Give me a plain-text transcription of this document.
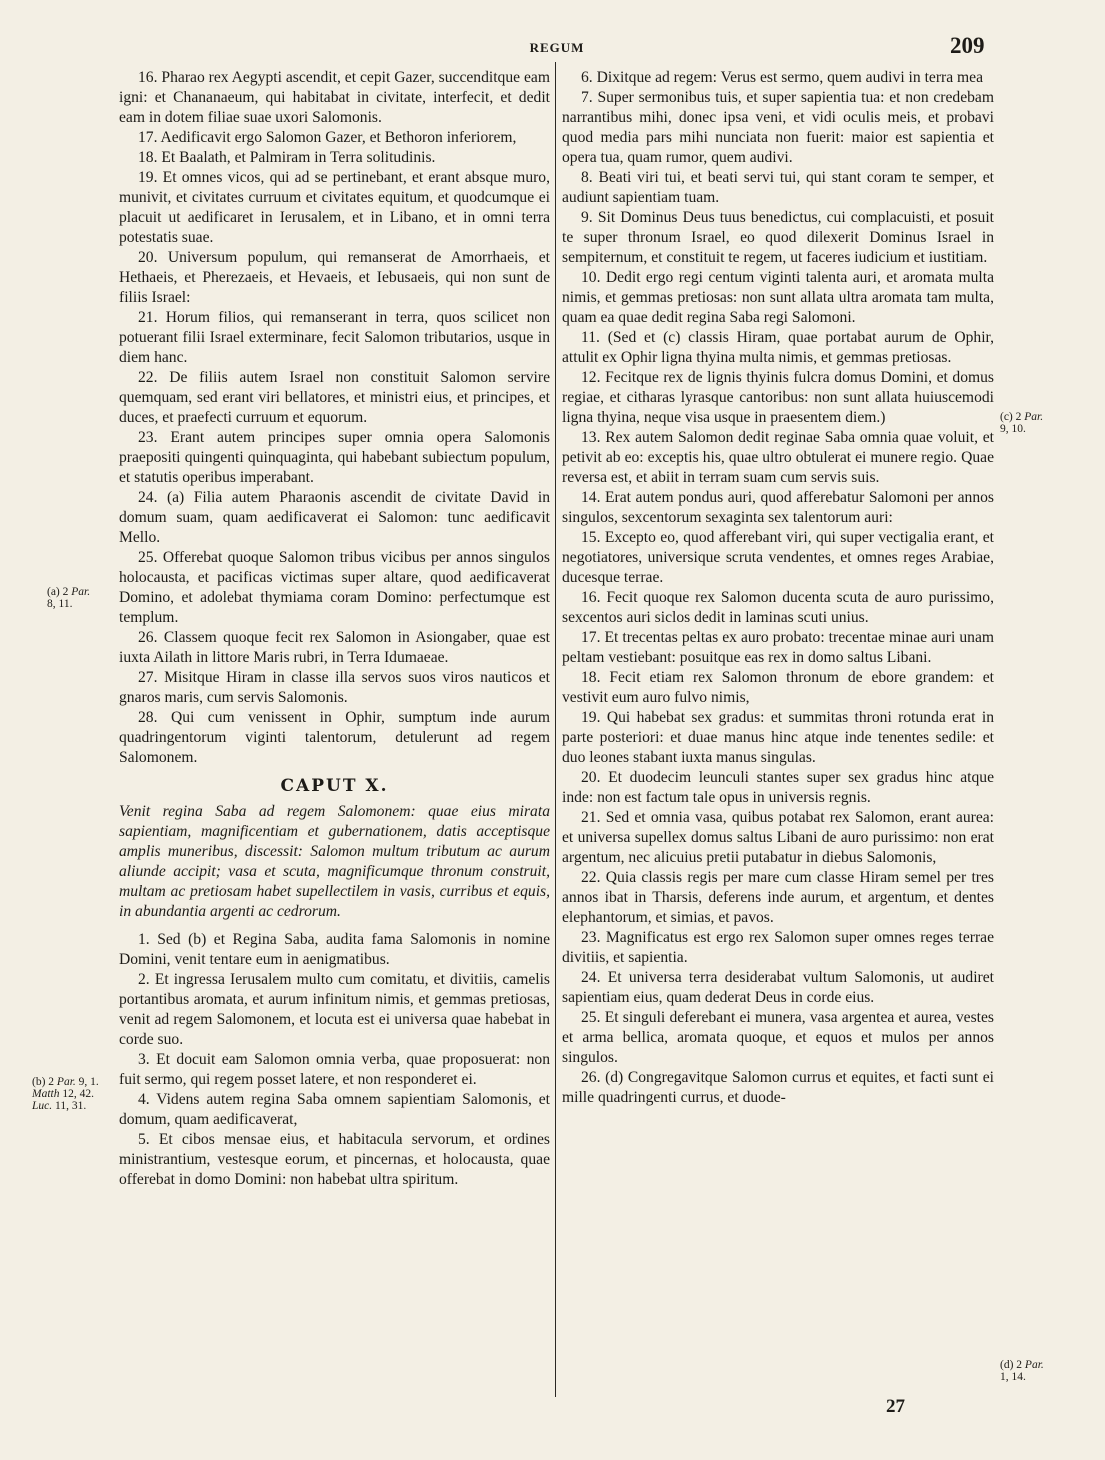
REGUM	209

16. Pharao rex Aegypti ascendit, et cepit Gazer, succenditque eam igni: et Chananaeum, qui habitabat in civitate, interfecit, et dedit eam in dotem filiae suae uxori Salomonis.

17. Aedificavit ergo Salomon Gazer, et Bethoron inferiorem,

18. Et Baalath, et Palmiram in Terra solitudinis.

19. Et omnes vicos, qui ad se pertinebant, et erant absque muro, munivit, et civitates curruum et civitates equitum, et quodcumque ei placuit ut aedificaret in Ierusalem, et in Libano, et in omni terra potestatis suae.

20. Universum populum, qui remanserat de Amorrhaeis, et Hethaeis, et Pherezaeis, et Hevaeis, et Iebusaeis, qui non sunt de filiis Israel:

21. Horum filios, qui remanserant in terra, quos scilicet non potuerant filii Israel exterminare, fecit Salomon tributarios, usque in diem hanc.

22. De filiis autem Israel non constituit Salomon servire quemquam, sed erant viri bellatores, et ministri eius, et principes, et duces, et praefecti curruum et equorum.

23. Erant autem principes super omnia opera Salomonis praepositi quingenti quinquaginta, qui habebant subiectum populum, et statutis operibus imperabant.

24. (a) Filia autem Pharaonis ascendit de civitate David in domum suam, quam aedificaverat ei Salomon: tunc aedificavit Mello.

25. Offerebat quoque Salomon tribus vicibus per annos singulos holocausta, et pacificas victimas super altare, quod aedificaverat Domino, et adolebat thymiama coram Domino: perfectumque est templum.

26. Classem quoque fecit rex Salomon in Asiongaber, quae est iuxta Ailath in littore Maris rubri, in Terra Idumaeae.

27. Misitque Hiram in classe illa servos suos viros nauticos et gnaros maris, cum servis Salomonis.

28. Qui cum venissent in Ophir, sumptum inde aurum quadringentorum viginti talentorum, detulerunt ad regem Salomonem.

CAPUT X.

Venit regina Saba ad regem Salomonem: quae eius mirata sapientiam, magnificentiam et gubernationem, datis acceptisque amplis muneribus, discessit: Salomon multum tributum ac aurum aliunde accipit; vasa et scuta, magnificumque thronum construit, multam ac pretiosam habet supellectilem in vasis, curribus et equis, in abundantia argenti ac cedrorum.

1. Sed (b) et Regina Saba, audita fama Salomonis in nomine Domini, venit tentare eum in aenigmatibus.

2. Et ingressa Ierusalem multo cum comitatu, et divitiis, camelis portantibus aromata, et aurum infinitum nimis, et gemmas pretiosas, venit ad regem Salomonem, et locuta est ei universa quae habebat in corde suo.

3. Et docuit eam Salomon omnia verba, quae proposuerat: non fuit sermo, qui regem posset latere, et non responderet ei.

4. Videns autem regina Saba omnem sapientiam Salomonis, et domum, quam aedificaverat,

5. Et cibos mensae eius, et habitacula servorum, et ordines ministrantium, vestesque eorum, et pincernas, et holocausta, quae offerebat in domo Domini: non habebat ultra spiritum.

6. Dixitque ad regem: Verus est sermo, quem audivi in terra mea

7. Super sermonibus tuis, et super sapientia tua: et non credebam narrantibus mihi, donec ipsa veni, et vidi oculis meis, et probavi quod media pars mihi nunciata non fuerit: maior est sapientia et opera tua, quam rumor, quem audivi.

8. Beati viri tui, et beati servi tui, qui stant coram te semper, et audiunt sapientiam tuam.

9. Sit Dominus Deus tuus benedictus, cui complacuisti, et posuit te super thronum Israel, eo quod dilexerit Dominus Israel in sempiternum, et constituit te regem, ut faceres iudicium et iustitiam.

10. Dedit ergo regi centum viginti talenta auri, et aromata multa nimis, et gemmas pretiosas: non sunt allata ultra aromata tam multa, quam ea quae dedit regina Saba regi Salomoni.

11. (Sed et (c) classis Hiram, quae portabat aurum de Ophir, attulit ex Ophir ligna thyina multa nimis, et gemmas pretiosas.

12. Fecitque rex de lignis thyinis fulcra domus Domini, et domus regiae, et citharas lyrasque cantoribus: non sunt allata huiuscemodi ligna thyina, neque visa usque in praesentem diem.)

13. Rex autem Salomon dedit reginae Saba omnia quae voluit, et petivit ab eo: exceptis his, quae ultro obtulerat ei munere regio. Quae reversa est, et abiit in terram suam cum servis suis.

14. Erat autem pondus auri, quod afferebatur Salomoni per annos singulos, sexcentorum sexaginta sex talentorum auri:

15. Excepto eo, quod afferebant viri, qui super vectigalia erant, et negotiatores, universique scruta vendentes, et omnes reges Arabiae, ducesque terrae.

16. Fecit quoque rex Salomon ducenta scuta de auro purissimo, sexcentos auri siclos dedit in laminas scuti unius.

17. Et trecentas peltas ex auro probato: trecentae minae auri unam peltam vestiebant: posuitque eas rex in domo saltus Libani.

18. Fecit etiam rex Salomon thronum de ebore grandem: et vestivit eum auro fulvo nimis,

19. Qui habebat sex gradus: et summitas throni rotunda erat in parte posteriori: et duae manus hinc atque inde tenentes sedile: et duo leones stabant iuxta manus singulas.

20. Et duodecim leunculi stantes super sex gradus hinc atque inde: non est factum tale opus in universis regnis.

21. Sed et omnia vasa, quibus potabat rex Salomon, erant aurea: et universa supellex domus saltus Libani de auro purissimo: non erat argentum, nec alicuius pretii putabatur in diebus Salomonis,

22. Quia classis regis per mare cum classe Hiram semel per tres annos ibat in Tharsis, deferens inde aurum, et argentum, et dentes elephantorum, et simias, et pavos.

23. Magnificatus est ergo rex Salomon super omnes reges terrae divitiis, et sapientia.

24. Et universa terra desiderabat vultum Salomonis, ut audiret sapientiam eius, quam dederat Deus in corde eius.

25. Et singuli deferebant ei munera, vasa argentea et aurea, vestes et arma bellica, aromata quoque, et equos et mulos per annos singulos.

26. (d) Congregavitque Salomon currus et equites, et facti sunt ei mille quadringenti currus, et duode-

(a) 2 Par.
8, 11.
(b) 2 Par. 9, 1.
Matth 12, 42.
Luc. 11, 31.
(c) 2 Par.
9, 10.
(d) 2 Par.
1, 14.
27
